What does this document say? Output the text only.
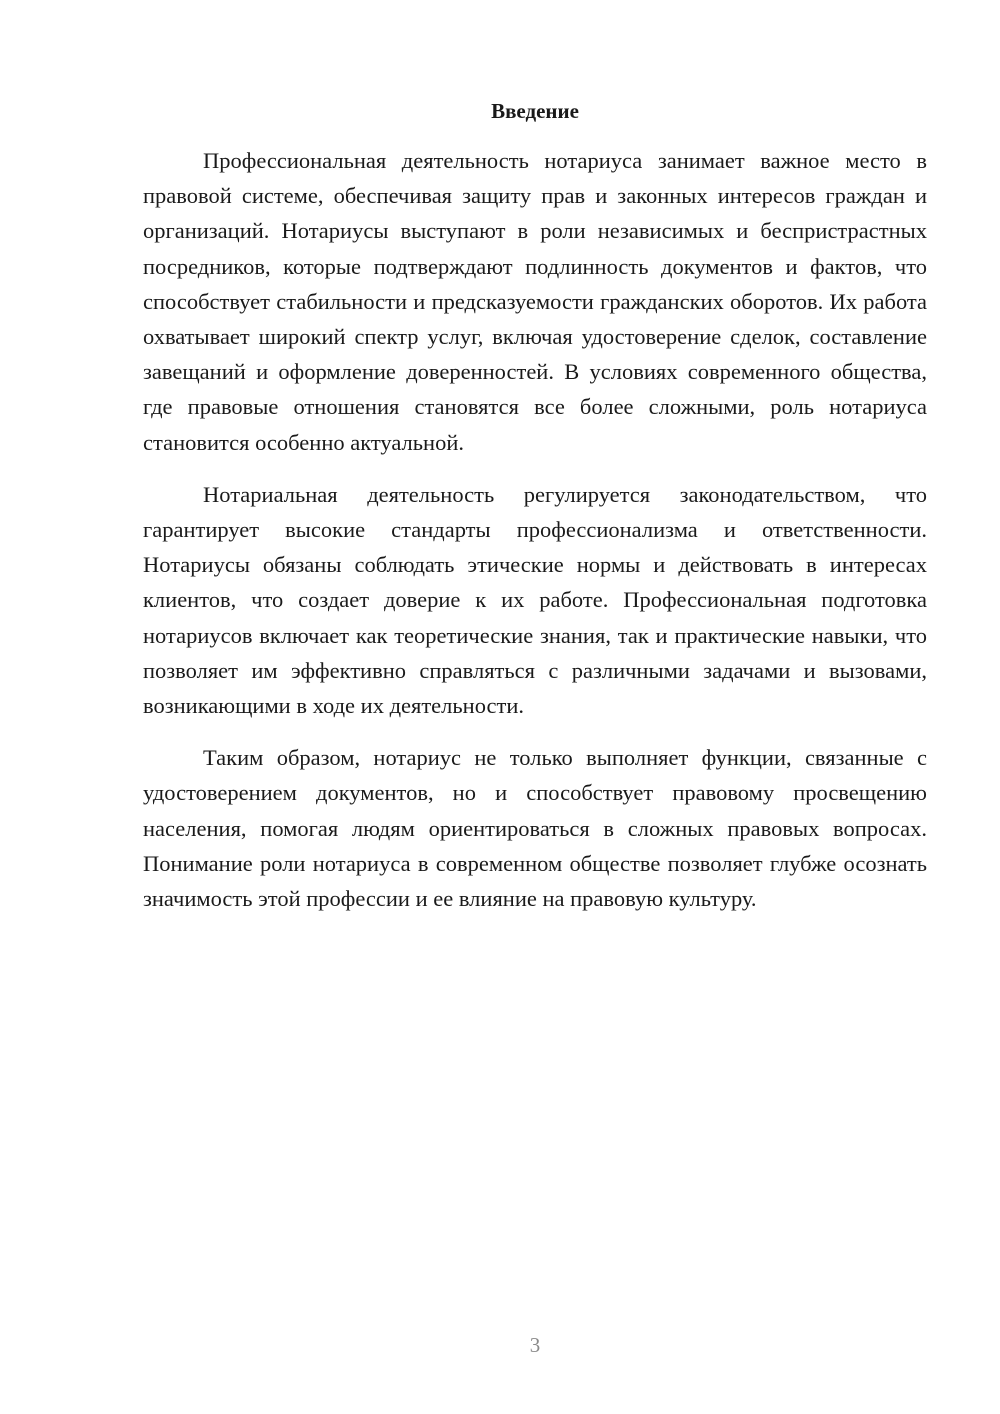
Введение

Профессиональная деятельность нотариуса занимает важное место в правовой системе, обеспечивая защиту прав и законных интересов граждан и организаций. Нотариусы выступают в роли независимых и беспристрастных посредников, которые подтверждают подлинность документов и фактов, что способствует стабильности и предсказуемости гражданских оборотов. Их работа охватывает широкий спектр услуг, включая удостоверение сделок, составление завещаний и оформление доверенностей. В условиях современного общества, где правовые отношения становятся все более сложными, роль нотариуса становится особенно актуальной.

Нотариальная деятельность регулируется законодательством, что гарантирует высокие стандарты профессионализма и ответственности. Нотариусы обязаны соблюдать этические нормы и действовать в интересах клиентов, что создает доверие к их работе. Профессиональная подготовка нотариусов включает как теоретические знания, так и практические навыки, что позволяет им эффективно справляться с различными задачами и вызовами, возникающими в ходе их деятельности.

Таким образом, нотариус не только выполняет функции, связанные с удостоверением документов, но и способствует правовому просвещению населения, помогая людям ориентироваться в сложных правовых вопросах. Понимание роли нотариуса в современном обществе позволяет глубже осознать значимость этой профессии и ее влияние на правовую культуру.

3
